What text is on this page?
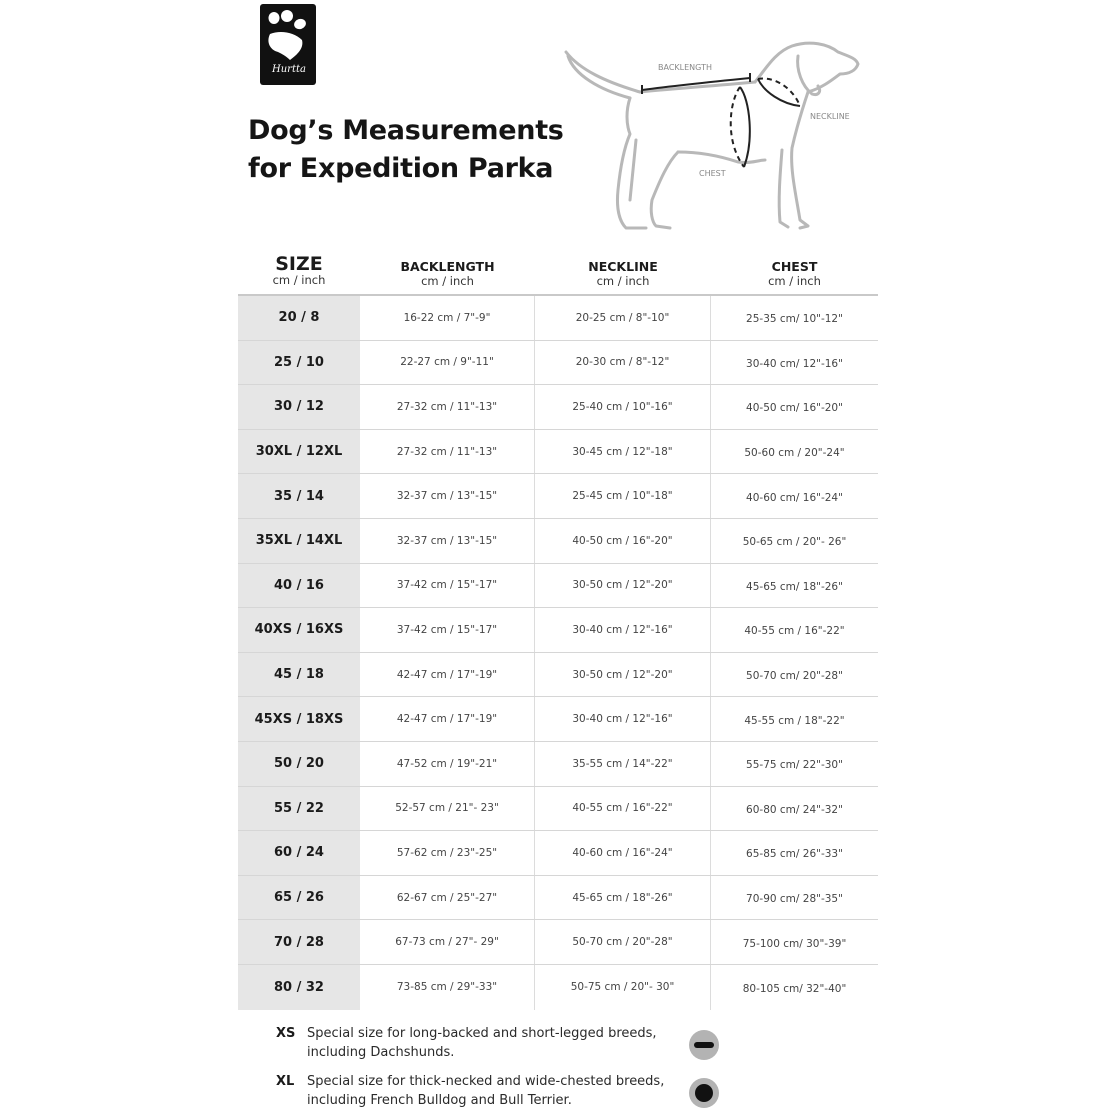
Hurtta
Dog’s Measurements
for Expedition Parka
BACKLENGTH
NECKLINE
CHEST
SIZE
cm / inch
BACKLENGTH
cm / inch
NECKLINE
cm / inch
CHEST
cm / inch
20 / 8	16-22 cm / 7"-9"	20-25 cm / 8"-10"	25-35 cm/ 10"-12"
25 / 10	22-27 cm / 9"-11"	20-30 cm / 8"-12"	30-40 cm/ 12"-16"
30 / 12	27-32 cm / 11"-13"	25-40 cm / 10"-16"	40-50 cm/ 16"-20"
30XL / 12XL	27-32 cm / 11"-13"	30-45 cm / 12"-18"	50-60 cm / 20"-24"
35 / 14	32-37 cm / 13"-15"	25-45 cm / 10"-18"	40-60 cm/ 16"-24"
35XL / 14XL	32-37 cm / 13"-15"	40-50 cm / 16"-20"	50-65 cm / 20"- 26"
40 / 16	37-42 cm / 15"-17"	30-50 cm / 12"-20"	45-65 cm/ 18"-26"
40XS / 16XS	37-42 cm / 15"-17"	30-40 cm / 12"-16"	40-55 cm / 16"-22"
45 / 18	42-47 cm / 17"-19"	30-50 cm / 12"-20"	50-70 cm/ 20"-28"
45XS / 18XS	42-47 cm / 17"-19"	30-40 cm / 12"-16"	45-55 cm / 18"-22"
50 / 20	47-52 cm / 19"-21"	35-55 cm / 14"-22"	55-75 cm/ 22"-30"
55 / 22	52-57 cm / 21"- 23"	40-55 cm / 16"-22"	60-80 cm/ 24"-32"
60 / 24	57-62 cm / 23"-25"	40-60 cm / 16"-24"	65-85 cm/ 26"-33"
65 / 26	62-67 cm / 25"-27"	45-65 cm / 18"-26"	70-90 cm/ 28"-35"
70 / 28	67-73 cm / 27"- 29"	50-70 cm / 20"-28"	75-100 cm/ 30"-39"
80 / 32	73-85 cm / 29"-33"	50-75 cm / 20"- 30"	80-105 cm/ 32"-40"
XS Special size for long-backed and short-legged breeds,
including Dachshunds.
XL Special size for thick-necked and wide-chested breeds,
including French Bulldog and Bull Terrier.
